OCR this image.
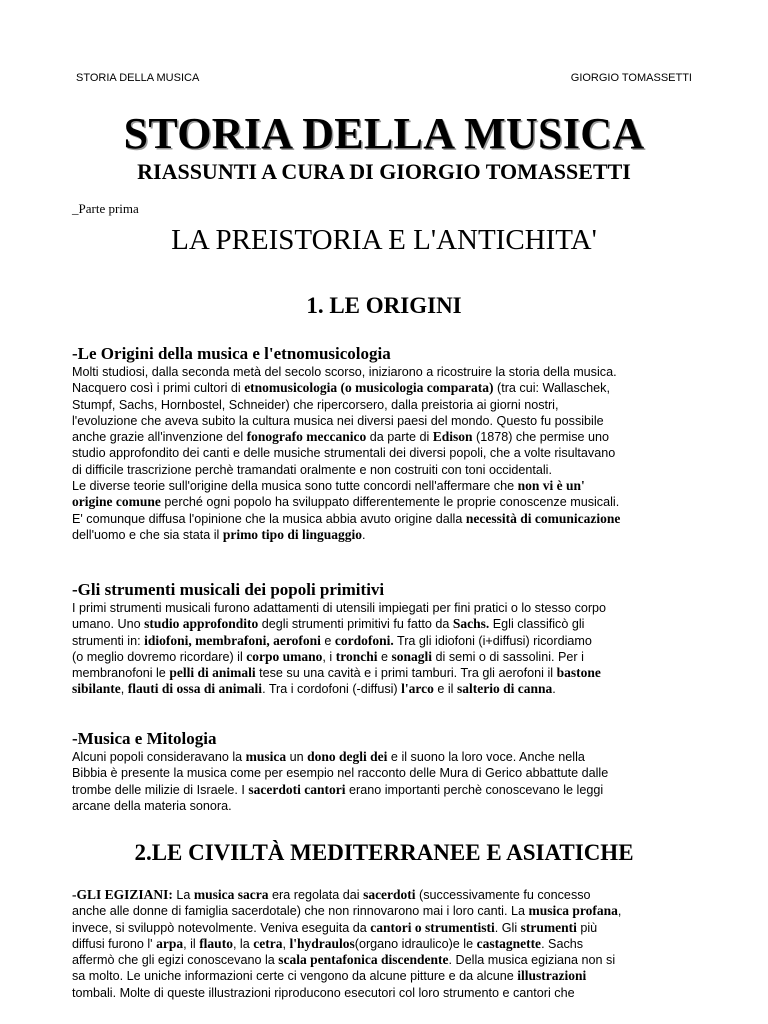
STORIA DELLA MUSICA	GIORGIO TOMASSETTI
STORIA DELLA MUSICA
RIASSUNTI A CURA DI GIORGIO TOMASSETTI
_Parte prima
LA PREISTORIA E L'ANTICHITA'
1. LE ORIGINI
-Le Origini della musica e l'etnomusicologia
Molti studiosi, dalla seconda metà del secolo scorso, iniziarono a ricostruire la storia della musica.
Nacquero così i primi cultori di etnomusicologia (o musicologia comparata) (tra cui: Wallaschek,
Stumpf, Sachs, Hornbostel, Schneider) che ripercorsero, dalla preistoria ai giorni nostri,
l'evoluzione che aveva subito la cultura musica nei diversi paesi del mondo. Questo fu possibile
anche grazie all'invenzione del fonografo meccanico da parte di Edison (1878) che permise uno
studio approfondito dei canti e delle musiche strumentali dei diversi popoli, che a volte risultavano
di difficile trascrizione perchè tramandati oralmente e non costruiti con toni occidentali.
Le diverse teorie sull'origine della musica sono tutte concordi nell'affermare che non vi è un'
origine comune perché ogni popolo ha sviluppato differentemente le proprie conoscenze musicali.
E' comunque diffusa l'opinione che la musica abbia avuto origine dalla necessità di comunicazione
dell'uomo e che sia stata il primo tipo di linguaggio.
-Gli strumenti musicali dei popoli primitivi
I primi strumenti musicali furono adattamenti di utensili impiegati per fini pratici o lo stesso corpo
umano. Uno studio approfondito degli strumenti primitivi fu fatto da Sachs. Egli classificò gli
strumenti in: idiofoni, membrafoni, aerofoni e cordofoni. Tra gli idiofoni (i+diffusi) ricordiamo
(o meglio dovremo ricordare) il corpo umano, i tronchi e sonagli di semi o di sassolini. Per i
membranofoni le pelli di animali tese su una cavità e i primi tamburi. Tra gli aerofoni il bastone
sibilante, flauti di ossa di animali. Tra i cordofoni (-diffusi) l'arco e il salterio di canna.
-Musica e Mitologia
Alcuni popoli consideravano la musica un dono degli dei e il suono la loro voce. Anche nella
Bibbia è presente la musica come per esempio nel racconto delle Mura di Gerico abbattute dalle
trombe delle milizie di Israele. I sacerdoti cantori erano importanti perchè conoscevano le leggi
arcane della materia sonora.
2.LE CIVILTÀ MEDITERRANEE E ASIATICHE
-GLI EGIZIANI: La musica sacra era regolata dai sacerdoti (successivamente fu concesso
anche alle donne di famiglia sacerdotale) che non rinnovarono mai i loro canti. La musica profana,
invece, si sviluppò notevolmente. Veniva eseguita da cantori o strumentisti. Gli strumenti più
diffusi furono l' arpa, il flauto, la cetra, l'hydraulos(organo idraulico)e le castagnette. Sachs
affermò che gli egizi conoscevano la scala pentafonica discendente. Della musica egiziana non si
sa molto. Le uniche informazioni certe ci vengono da alcune pitture e da alcune illustrazioni
tombali. Molte di queste illustrazioni riproducono esecutori col loro strumento e cantori che
